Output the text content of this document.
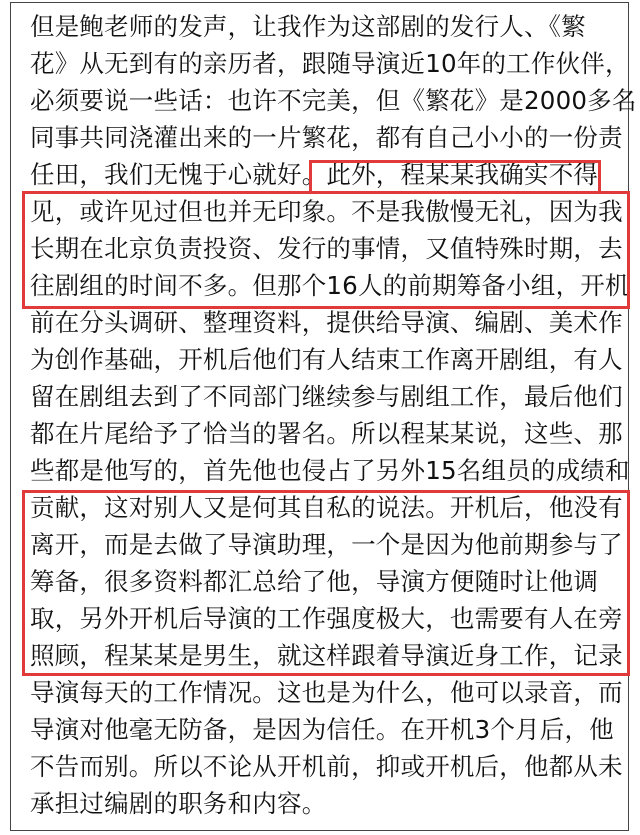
但是鲍老师的发声，让我作为这部剧的发行人、《繁
花》从无到有的亲历者，跟随导演近10年的工作伙伴，
必须要说一些话：也许不完美，但《繁花》是2000多名
同事共同浇灌出来的一片繁花，都有自己小小的一份责
任田，我们无愧于心就好。此外，程某某我确实不得
见，或许见过但也并无印象。不是我傲慢无礼，因为我
长期在北京负责投资、发行的事情，又值特殊时期，去
往剧组的时间不多。但那个16人的前期筹备小组，开机
前在分头调研、整理资料，提供给导演、编剧、美术作
为创作基础，开机后他们有人结束工作离开剧组，有人
留在剧组去到了不同部门继续参与剧组工作，最后他们
都在片尾给予了恰当的署名。所以程某某说，这些、那
些都是他写的，首先他也侵占了另外15名组员的成绩和
贡献，这对别人又是何其自私的说法。开机后，他没有
离开，而是去做了导演助理，一个是因为他前期参与了
筹备，很多资料都汇总给了他，导演方便随时让他调
取，另外开机后导演的工作强度极大，也需要有人在旁
照顾，程某某是男生，就这样跟着导演近身工作，记录
导演每天的工作情况。这也是为什么，他可以录音，而
导演对他毫无防备，是因为信任。在开机3个月后，他
不告而别。所以不论从开机前，抑或开机后，他都从未
承担过编剧的职务和内容。
